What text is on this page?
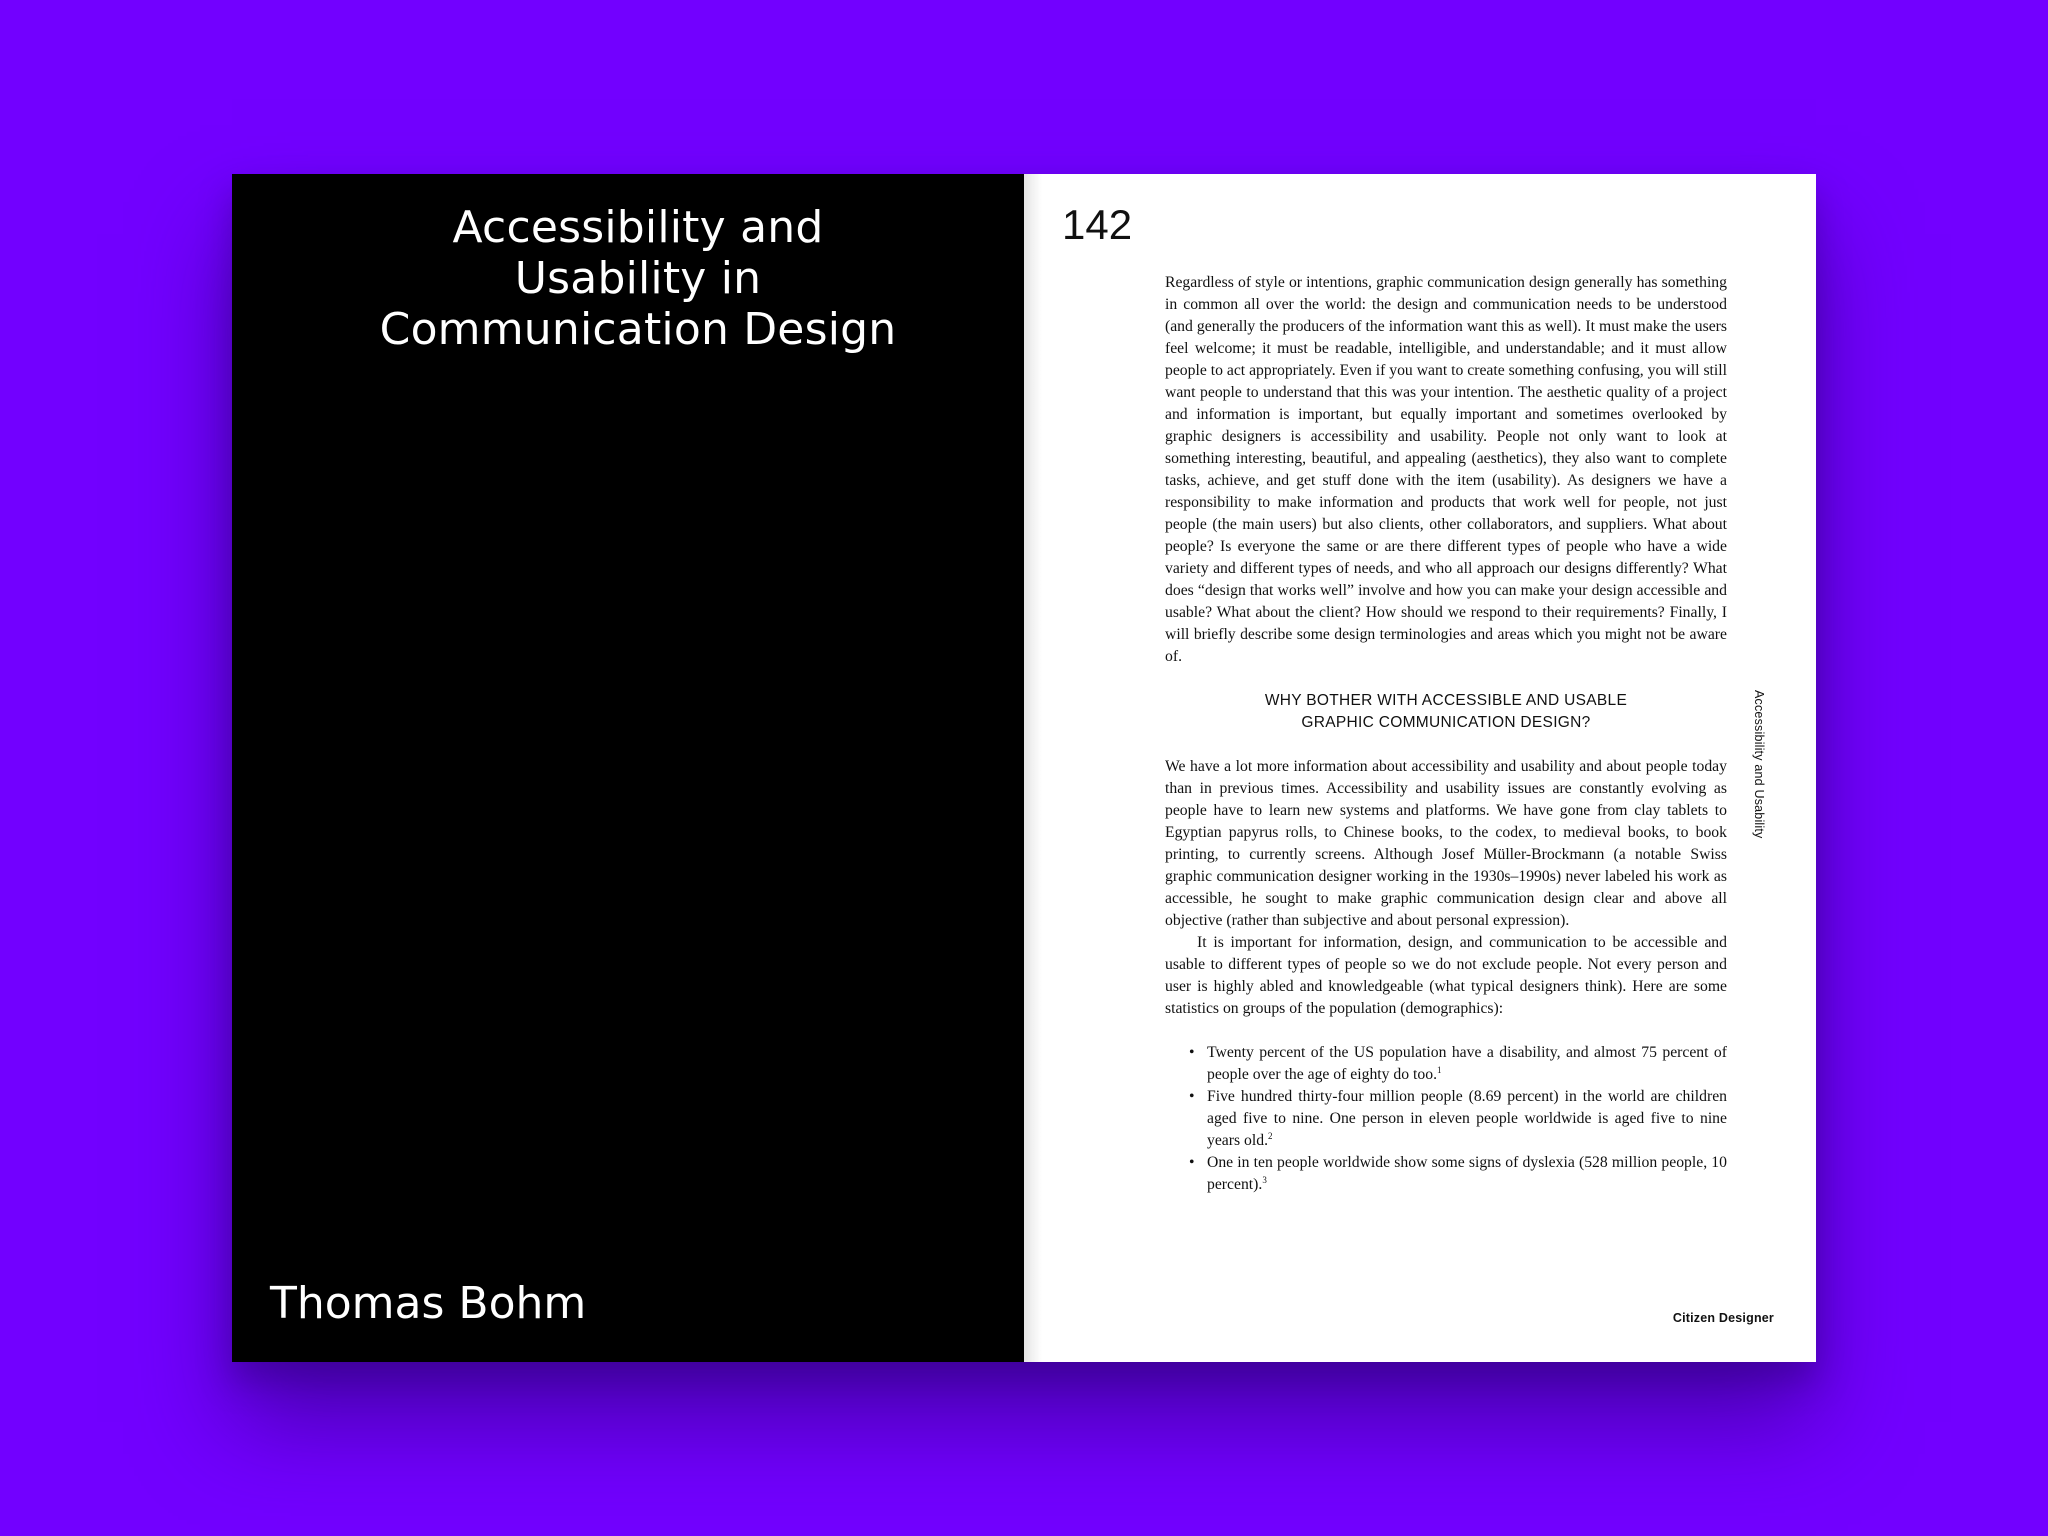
Accessibility and Usability in Communication Design
Thomas Bohm
142

Regardless of style or intentions, graphic communication design generally has something in common all over the world: the design and communication needs to be understood (and generally the producers of the information want this as well). It must make the users feel welcome; it must be readable, intelligible, and understandable; and it must allow people to act appropriately. Even if you want to create something confusing, you will still want people to understand that this was your intention. The aesthetic quality of a project and information is important, but equally important and sometimes overlooked by graphic designers is accessibility and usability. People not only want to look at something interesting, beautiful, and appealing (aesthetics), they also want to complete tasks, achieve, and get stuff done with the item (usability). As designers we have a responsibility to make information and products that work well for people, not just people (the main users) but also clients, other collaborators, and suppliers. What about people? Is everyone the same or are there different types of people who have a wide variety and different types of needs, and who all approach our designs differently? What does “design that works well” involve and how you can make your design accessible and usable? What about the client? How should we respond to their requirements? Finally, I will briefly describe some design terminologies and areas which you might not be aware of.

WHY BOTHER WITH ACCESSIBLE AND USABLE
GRAPHIC COMMUNICATION DESIGN?

We have a lot more information about accessibility and usability and about people today than in previous times. Accessibility and usability issues are constantly evolving as people have to learn new systems and platforms. We have gone from clay tablets to Egyptian papyrus rolls, to Chinese books, to the codex, to medieval books, to book printing, to currently screens. Although Josef Müller-Brockmann (a notable Swiss graphic communication designer working in the 1930s–1990s) never labeled his work as accessible, he sought to make graphic communication design clear and above all objective (rather than subjective and about personal expression).

It is important for information, design, and communication to be accessible and usable to different types of people so we do not exclude people. Not every person and user is highly abled and knowledgeable (what typical designers think). Here are some statistics on groups of the population (demographics):

• Twenty percent of the US population have a disability, and almost 75 percent of people over the age of eighty do too.$^1$
• Five hundred thirty-four million people (8.69 percent) in the world are children aged five to nine. One person in eleven people worldwide is aged five to nine years old.$^2$
• One in ten people worldwide show some signs of dyslexia (528 million people, 10 percent).$^3$
Accessibility and Usability
Citizen Designer
